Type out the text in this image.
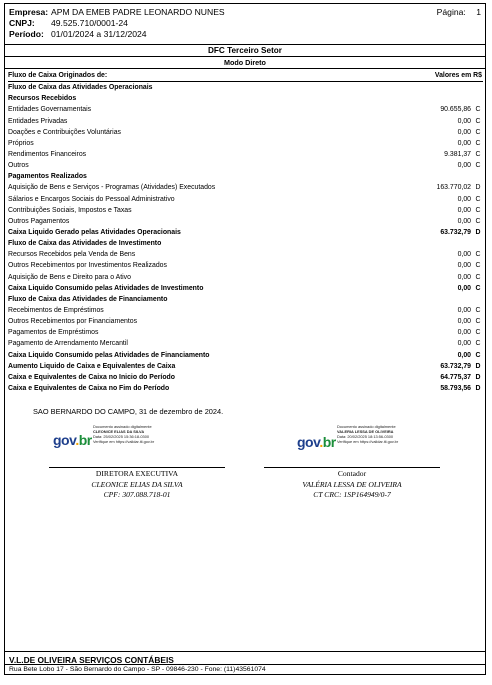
Empresa: APM DA EMEB PADRE LEONARDO NUNES	Página: 1
CNPJ:	49.525.710/0001-24
Período: 01/01/2024 a 31/12/2024
DFC Terceiro Setor
Modo Direto
Fluxo de Caixa Originados de:	Valores em R$
Fluxo de Caixa das Atividades Operacionais
Recursos Recebidos
Entidades Governamentais	90.655,86 C
Entidades Privadas	0,00 C
Doações e Contribuições Voluntárias	0,00 C
Próprios	0,00 C
Rendimentos Financeiros	9.381,37 C
Outros	0,00 C
Pagamentos Realizados
Aquisição de Bens e Serviços - Programas (Atividades) Executados	163.770,02 D
Sálarios e Encargos Sociais do Pessoal Administrativo	0,00 C
Contribuições Sociais, Impostos e Taxas	0,00 C
Outros Pagamentos	0,00 C
Caixa Liquido Gerado pelas Atividades Operacionais	63.732,79 D
Fluxo de Caixa das Atividades de Investimento
Recursos Recebidos pela Venda de Bens	0,00 C
Outros Recebimentos por Investimentos Realizados	0,00 C
Aquisição de Bens e Direito para o Ativo	0,00 C
Caixa Liquido Consumido pelas Atividades de Investimento	0,00 C
Fluxo de Caixa das Atividades de Financiamento
Recebimentos de Empréstimos	0,00 C
Outros Recebimentos por Financiamentos	0,00 C
Pagamentos de Empréstimos	0,00 C
Pagamento de Arrendamento Mercantil	0,00 C
Caixa Liquido Consumido pelas Atividades de Financiamento	0,00 C
Aumento Liquido de Caixa e Equivalentes de Caixa	63.732,79 D
Caixa e Equivalentes de Caixa no Inicio do Período	64.775,37 D
Caixa e Equivalentes de Caixa no Fim do Período	58.793,56 D
SAO BERNARDO DO CAMPO, 31 de dezembro de 2024.
gov.br
Documento assinado digitalmente
CLEONICE ELIAS DA SILVA
Data: 25/02/2025 15:36:18-0300
Verifique em https://validar.iti.gov.br	gov.br
Documento assinado digitalmente
VALERIA LESSA DE OLIVEIRA
Data: 20/02/2025 18:13:56-0300
Verifique em https://validar.iti.gov.br
DIRETORA EXECUTIVA
CLEONICE ELIAS DA SILVA
CPF: 307.088.718-01
Contador
VALÉRIA LESSA DE OLIVEIRA
CT CRC: 1SP164949/0-7
V.L.DE OLIVEIRA SERVIÇOS CONTÁBEIS
Rua Bete Lobo 17 - São Bernardo do Campo - SP - 09846-230 - Fone: (11)43561074
